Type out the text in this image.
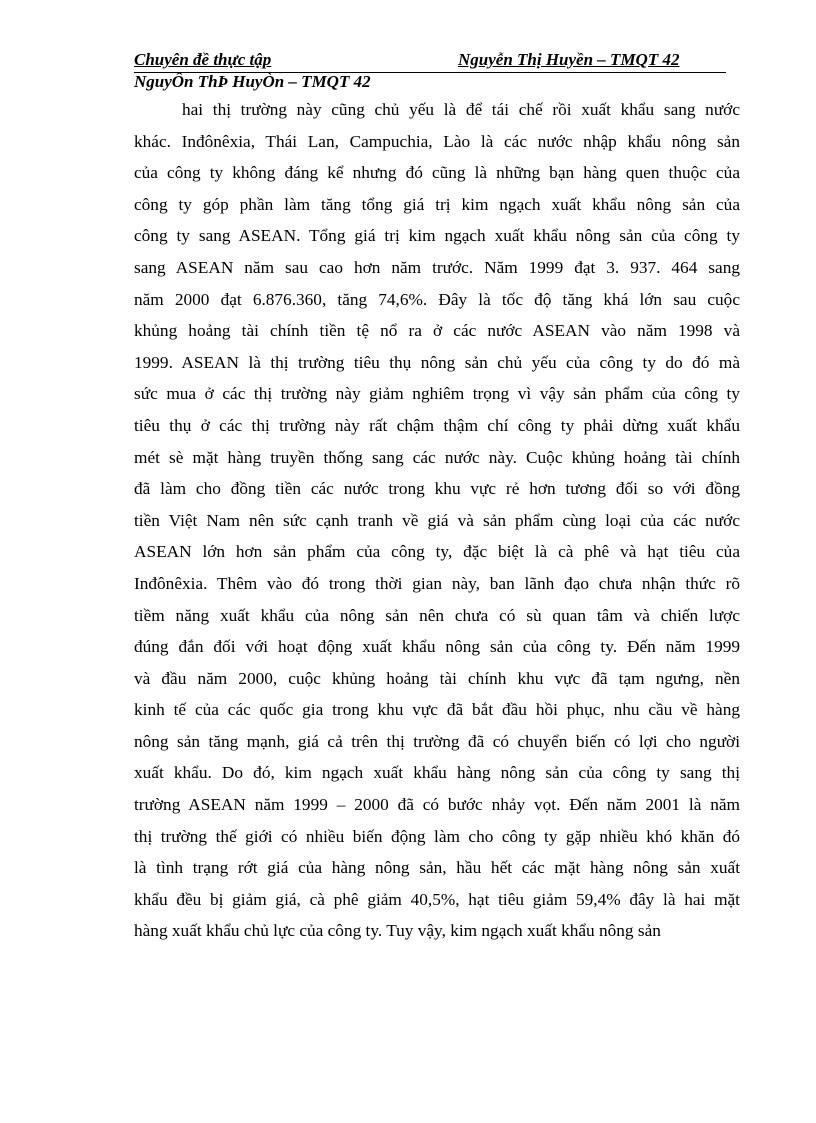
Chuyên đề thực tập	Nguyễn Thị Huyền – TMQT 42
NguyÔn ThÞ HuyÒn – TMQT 42
hai thị trường này cũng chủ yếu là để tái chế rồi xuất khẩu sang nước
khác. Inđônêxia, Thái Lan, Campuchia, Lào là các nước nhập khẩu nông sản
của công ty không đáng kể nhưng đó cũng là những bạn hàng quen thuộc của
công ty góp phần làm tăng tổng giá trị kim ngạch xuất khẩu nông sản của
công ty sang ASEAN. Tổng giá trị kim ngạch xuất khẩu nông sản của công ty
sang ASEAN năm sau cao hơn năm trước. Năm 1999 đạt 3. 937. 464 sang
năm 2000 đạt 6.876.360, tăng 74,6%. Đây là tốc độ tăng khá lớn sau cuộc
khủng hoảng tài chính tiền tệ nổ ra ở các nước ASEAN vào năm 1998 và
1999. ASEAN là thị trường tiêu thụ nông sản chủ yếu của công ty do đó mà
sức mua ở các thị trường này giảm nghiêm trọng vì vậy sản phẩm của công ty
tiêu thụ ở các thị trường này rất chậm thậm chí công ty phải dừng xuất khẩu
mét sè mặt hàng truyền thống sang các nước này. Cuộc khủng hoảng tài chính
đã làm cho đồng tiền các nước trong khu vực rẻ hơn tương đối so với đồng
tiền Việt Nam nên sức cạnh tranh về giá và sản phẩm cùng loại của các nước
ASEAN lớn hơn sản phẩm của công ty, đặc biệt là cà phê và hạt tiêu của
Inđônêxia. Thêm vào đó trong thời gian này, ban lãnh đạo chưa nhận thức rõ
tiềm năng xuất khẩu của nông sản nên chưa có sù quan tâm và chiến lược
đúng đắn đối với hoạt động xuất khẩu nông sản của công ty. Đến năm 1999
và đầu năm 2000, cuộc khủng hoảng tài chính khu vực đã tạm ngưng, nền
kinh tế của các quốc gia trong khu vực đã bắt đầu hồi phục, nhu cầu về hàng
nông sản tăng mạnh, giá cả trên thị trường đã có chuyển biến có lợi cho người
xuất khẩu. Do đó, kim ngạch xuất khẩu hàng nông sản của công ty sang thị
trường ASEAN năm 1999 – 2000 đã có bước nhảy vọt. Đến năm 2001 là năm
thị trường thế giới có nhiều biến động làm cho công ty gặp nhiều khó khăn đó
là tình trạng rớt giá của hàng nông sản, hầu hết các mặt hàng nông sản xuất
khẩu đều bị giảm giá, cà phê giảm 40,5%, hạt tiêu giảm 59,4% đây là hai mặt
hàng xuất khẩu chủ lực của công ty. Tuy vậy, kim ngạch xuất khẩu nông sản
